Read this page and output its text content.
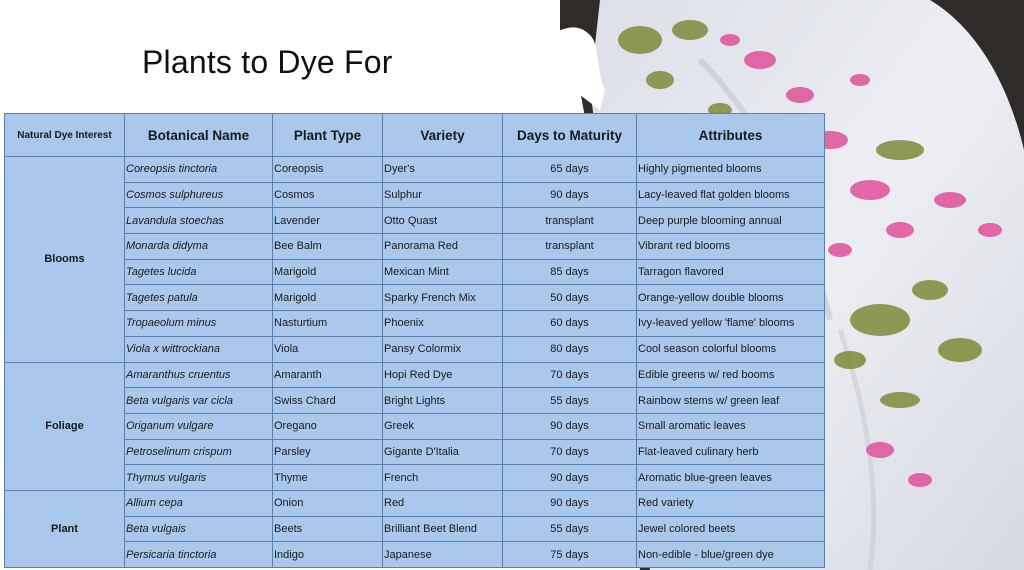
Plants to Dye For
Natural Dye Interest	Botanical Name	Plant Type	Variety	Days to Maturity	Attributes
Blooms	Coreopsis tinctoria	Coreopsis	Dyer's	65 days	Highly pigmented blooms
	Cosmos sulphureus	Cosmos	Sulphur	90 days	Lacy-leaved flat golden blooms
	Lavandula stoechas	Lavender	Otto Quast	transplant	Deep purple blooming annual
	Monarda didyma	Bee Balm	Panorama Red	transplant	Vibrant red blooms
	Tagetes lucida	Marigold	Mexican Mint	85 days	Tarragon flavored
	Tagetes patula	Marigold	Sparky French Mix	50 days	Orange-yellow double blooms
	Tropaeolum minus	Nasturtium	Phoenix	60 days	Ivy-leaved yellow 'flame' blooms
	Viola x wittrockiana	Viola	Pansy Colormix	80 days	Cool season colorful blooms
Foliage	Amaranthus cruentus	Amaranth	Hopi Red Dye	70 days	Edible greens w/ red booms
	Beta vulgaris var cicla	Swiss Chard	Bright Lights	55 days	Rainbow stems w/ green leaf
	Origanum vulgare	Oregano	Greek	90 days	Small aromatic leaves
	Petroselinum crispum	Parsley	Gigante D'Italia	70 days	Flat-leaved culinary herb
	Thymus vulgaris	Thyme	French	90 days	Aromatic blue-green leaves
Plant	Allium cepa	Onion	Red	90 days	Red variety
	Beta vulgais	Beets	Brilliant Beet Blend	55 days	Jewel colored beets
	Persicaria tinctoria	Indigo	Japanese	75 days	Non-edible - blue/green dye
